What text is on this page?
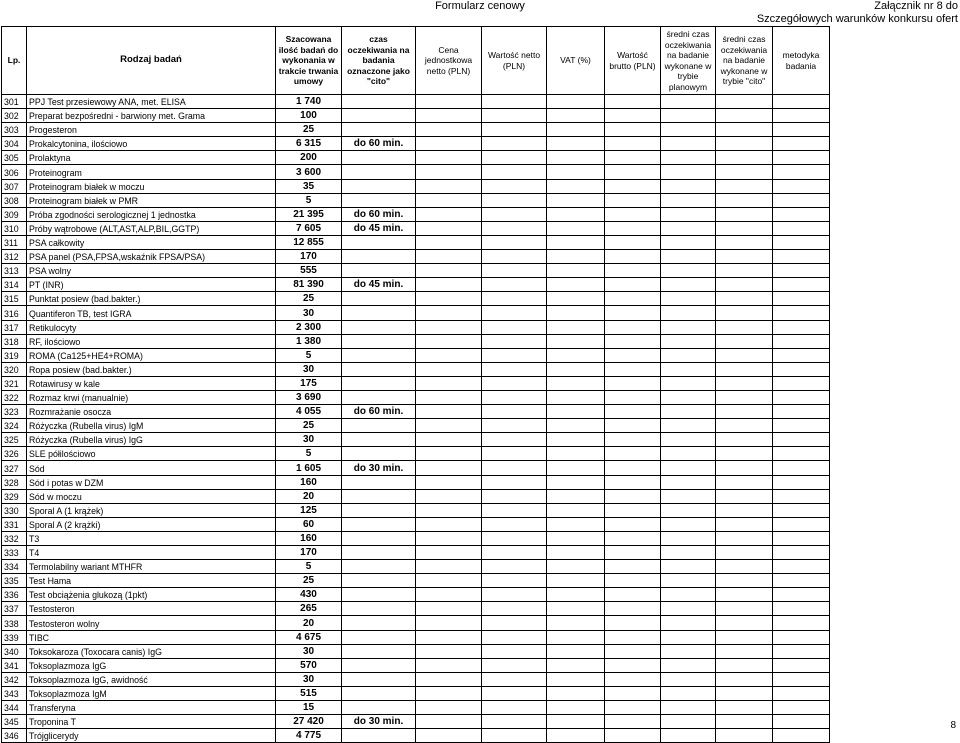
Formularz cenowy	Załącznik nr 8 do
Szczegółowych warunków konkursu ofert
Lp.	Rodzaj badań	Szacowana ilość badań do wykonania w trakcie trwania umowy	czas oczekiwania na badania oznaczone jako "cito"	Cena jednostkowa netto (PLN)	Wartość netto (PLN)	VAT (%)	Wartość brutto (PLN)	średni czas oczekiwania na badanie wykonane w trybie planowym	średni czas oczekiwania na badanie wykonane w trybie "cito"	metodyka badania
301	PPJ Test przesiewowy ANA, met. ELISA	1 740								
302	Preparat bezpośredni - barwiony met. Grama	100								
303	Progesteron	25								
304	Prokalcytonina, ilościowo	6 315	do 60 min.							
305	Prolaktyna	200								
306	Proteinogram	3 600								
307	Proteinogram białek w moczu	35								
308	Proteinogram białek w PMR	5								
309	Próba zgodności serologicznej 1 jednostka	21 395	do 60 min.							
310	Próby wątrobowe (ALT,AST,ALP,BIL,GGTP)	7 605	do 45 min.							
311	PSA całkowity	12 855								
312	PSA panel (PSA,FPSA,wskaźnik FPSA/PSA)	170								
313	PSA wolny	555								
314	PT (INR)	81 390	do 45 min.							
315	Punktat posiew (bad.bakter.)	25								
316	Quantiferon TB, test IGRA	30								
317	Retikulocyty	2 300								
318	RF, ilościowo	1 380								
319	ROMA (Ca125+HE4+ROMA)	5								
320	Ropa posiew (bad.bakter.)	30								
321	Rotawirusy w kale	175								
322	Rozmaz krwi (manualnie)	3 690								
323	Rozmrażanie osocza	4 055	do 60 min.							
324	Różyczka (Rubella virus) IgM	25								
325	Różyczka (Rubella virus) IgG	30								
326	SLE półilościowo	5								
327	Sód	1 605	do 30 min.							
328	Sód i potas w DZM	160								
329	Sód w moczu	20								
330	Sporal A (1 krążek)	125								
331	Sporal A (2 krążki)	60								
332	T3	160								
333	T4	170								
334	Termolabilny wariant MTHFR	5								
335	Test Hama	25								
336	Test obciążenia glukozą (1pkt)	430								
337	Testosteron	265								
338	Testosteron wolny	20								
339	TIBC	4 675								
340	Toksokaroza (Toxocara canis) IgG	30								
341	Toksoplazmoza IgG	570								
342	Toksoplazmoza IgG, awidność	30								
343	Toksoplazmoza IgM	515								
344	Transferyna	15								
345	Troponina T	27 420	do 30 min.							
346	Trójglicerydy	4 775								
8
